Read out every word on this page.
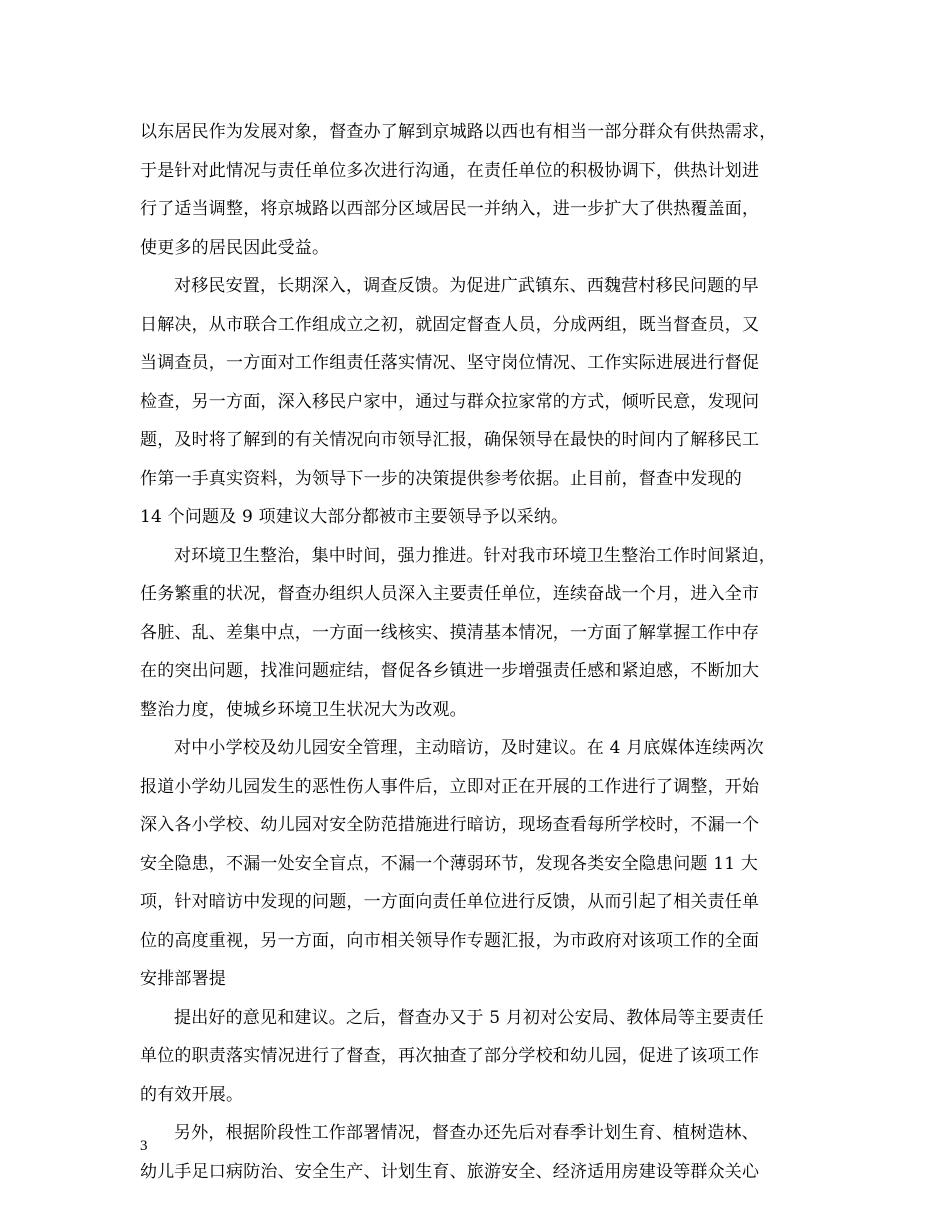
以东居民作为发展对象，督查办了解到京城路以西也有相当一部分群众有供热需求，
于是针对此情况与责任单位多次进行沟通，在责任单位的积极协调下，供热计划进
行了适当调整，将京城路以西部分区域居民一并纳入，进一步扩大了供热覆盖面，
使更多的居民因此受益。
对移民安置，长期深入，调查反馈。为促进广武镇东、西魏营村移民问题的早
日解决，从市联合工作组成立之初，就固定督查人员，分成两组，既当督查员，又
当调查员，一方面对工作组责任落实情况、坚守岗位情况、工作实际进展进行督促
检查，另一方面，深入移民户家中，通过与群众拉家常的方式，倾听民意，发现问
题，及时将了解到的有关情况向市领导汇报，确保领导在最快的时间内了解移民工
作第一手真实资料，为领导下一步的决策提供参考依据。止目前，督查中发现的
14 个问题及 9 项建议大部分都被市主要领导予以采纳。
对环境卫生整治，集中时间，强力推进。针对我市环境卫生整治工作时间紧迫，
任务繁重的状况，督查办组织人员深入主要责任单位，连续奋战一个月，进入全市
各脏、乱、差集中点，一方面一线核实、摸清基本情况，一方面了解掌握工作中存
在的突出问题，找准问题症结，督促各乡镇进一步增强责任感和紧迫感，不断加大
整治力度，使城乡环境卫生状况大为改观。
对中小学校及幼儿园安全管理，主动暗访，及时建议。在 4 月底媒体连续两次
报道小学幼儿园发生的恶性伤人事件后，立即对正在开展的工作进行了调整，开始
深入各小学校、幼儿园对安全防范措施进行暗访，现场查看每所学校时，不漏一个
安全隐患，不漏一处安全盲点，不漏一个薄弱环节，发现各类安全隐患问题 11 大
项，针对暗访中发现的问题，一方面向责任单位进行反馈，从而引起了相关责任单
位的高度重视，另一方面，向市相关领导作专题汇报，为市政府对该项工作的全面
安排部署提
提出好的意见和建议。之后，督查办又于 5 月初对公安局、教体局等主要责任
单位的职责落实情况进行了督查，再次抽查了部分学校和幼儿园，促进了该项工作
的有效开展。
另外，根据阶段性工作部署情况，督查办还先后对春季计划生育、植树造林、
幼儿手足口病防治、安全生产、计划生育、旅游安全、经济适用房建设等群众关心
3
